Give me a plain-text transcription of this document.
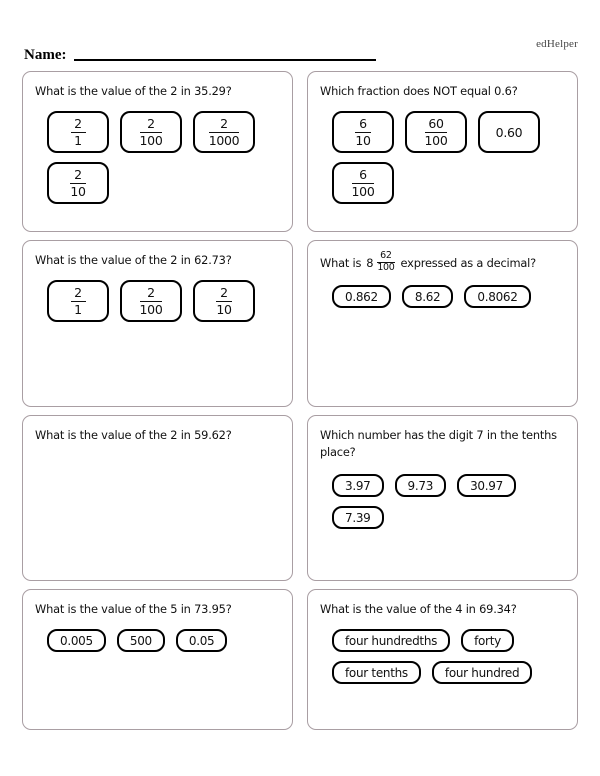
edHelper
Name:
What is the value of the 2 in 35.29?
$\frac{2}{1}$	$\frac{2}{100}$	$\frac{2}{1000}$
$\frac{2}{10}$
Which fraction does NOT equal 0.6?
$\frac{6}{10}$	$\frac{60}{100}$	0.60
$\frac{6}{100}$
What is the value of the 2 in 62.73?
$\frac{2}{1}$	$\frac{2}{100}$	$\frac{2}{10}$
What is $8 \frac{62}{100}$ expressed as a decimal?
0.862	8.62	0.8062
What is the value of the 2 in 59.62?	Which number has the digit 7 in the tenths place?
3.97	9.73	30.97
7.39
What is the value of the 5 in 73.95?
0.005	500	0.05
What is the value of the 4 in 69.34?
four hundredths	forty
four tenths	four hundred
